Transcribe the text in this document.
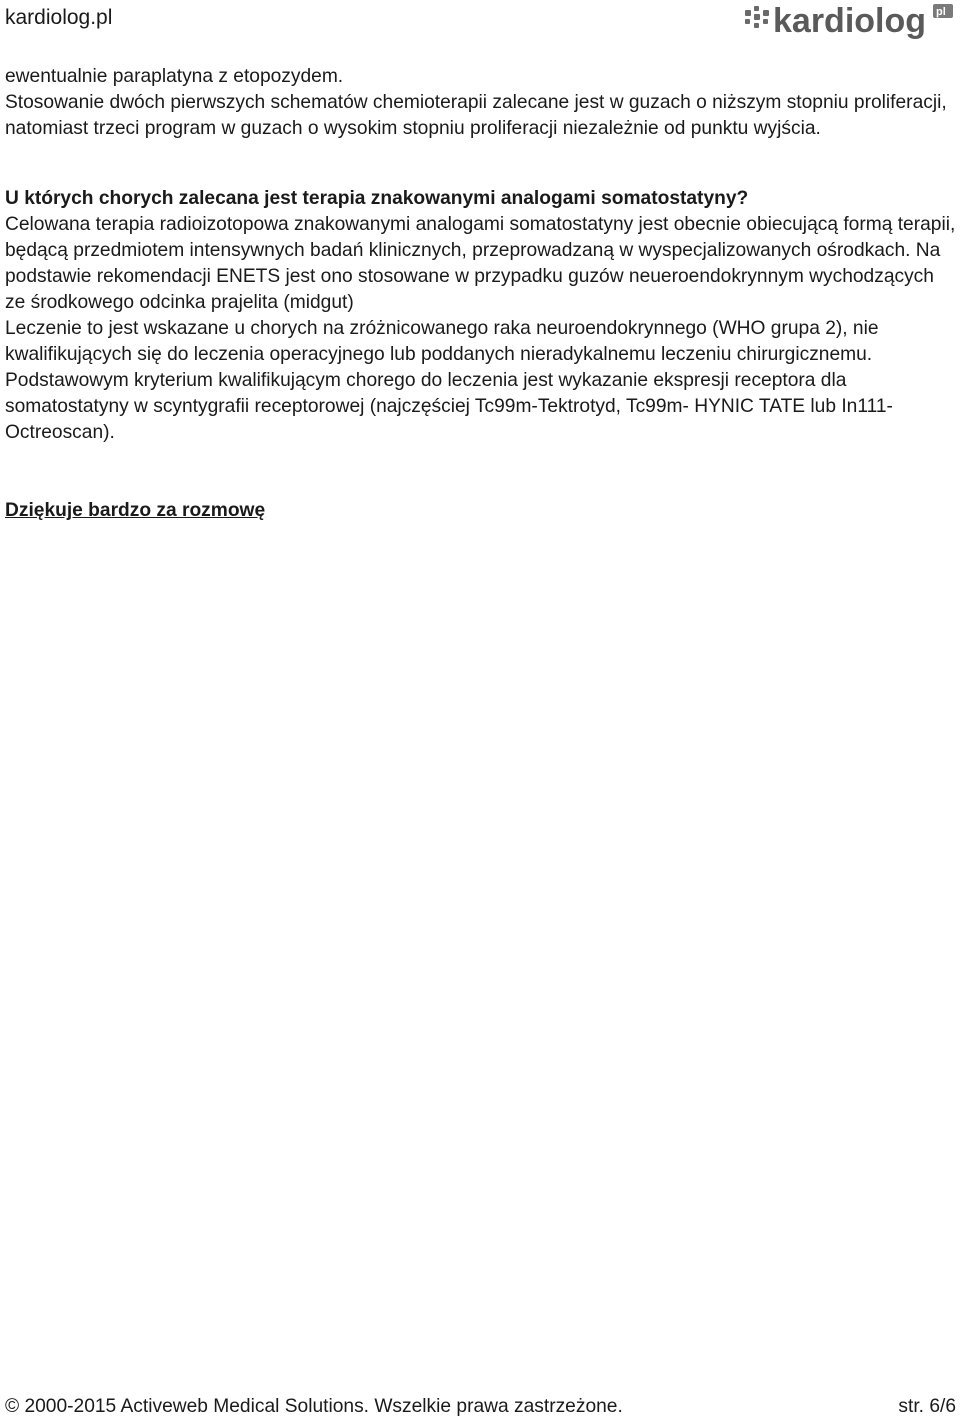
kardiolog.pl	kardiolog pl

ewentualnie paraplatyna z etopozydem.

Stosowanie dwóch pierwszych schematów chemioterapii zalecane jest w guzach o niższym stopniu proliferacji, natomiast trzeci program w guzach o wysokim stopniu proliferacji niezależnie od punktu wyjścia.

U których chorych zalecana jest terapia znakowanymi analogami somatostatyny?

Celowana terapia radioizotopowa znakowanymi analogami somatostatyny jest obecnie obiecującą formą terapii, będącą przedmiotem intensywnych badań klinicznych, przeprowadzaną w wyspecjalizowanych ośrodkach. Na podstawie rekomendacji ENETS jest ono stosowane w przypadku guzów neueroendokrynnym wychodzących ze środkowego odcinka prajelita (midgut)

Leczenie to jest wskazane u chorych na zróżnicowanego raka neuroendokrynnego (WHO grupa 2), nie kwalifikujących się do leczenia operacyjnego lub poddanych nieradykalnemu leczeniu chirurgicznemu.

Podstawowym kryterium kwalifikującym chorego do leczenia jest wykazanie ekspresji receptora dla somatostatyny w scyntygrafii receptorowej (najczęściej Tc99m-Tektrotyd, Tc99m- HYNIC TATE lub In111-Octreoscan).

Dziękuje bardzo za rozmowę

© 2000-2015 Activeweb Medical Solutions. Wszelkie prawa zastrzeżone.	str. 6/6
